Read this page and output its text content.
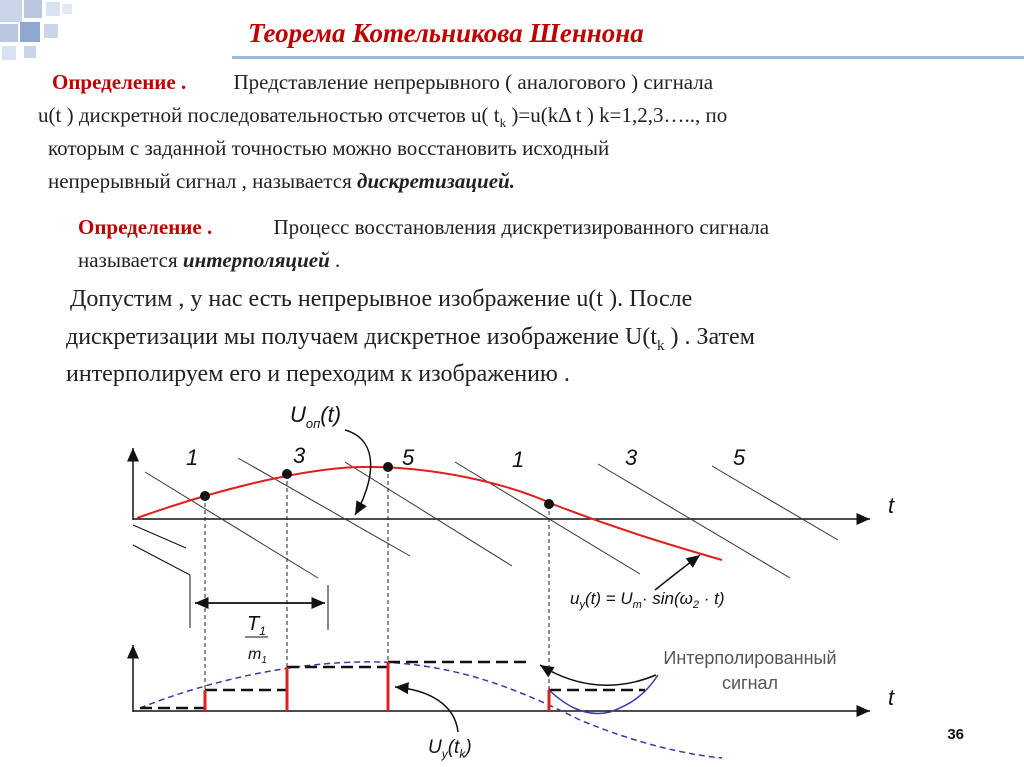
Теорема Котельникова Шеннона
Определение . Представление непрерывного ( аналогового ) сигнала
u(t ) дискретной последовательностью отсчетов u( $t_k$ )=u(kΔ t ) k=1,2,3….., по
которым с заданной точностью можно восстановить исходный
непрерывный сигнал , называется дискретизацией.
Определение .	Процесс восстановления дискретизированного сигнала
называется интерполяцией .
Допустим , у нас есть непрерывное изображение u(t ). После
дискретизации мы получаем дискретное изображение $U(t_k$ ) . Затем
интерполируем его и переходим к изображению .
t
1	3	5	1	3	5
$U_{оп}(t)$
$T_1$
$m_1$
$u_y(t) = U_m\cdot \sin(\omega_2 \cdot t)$
t
$U_y(t_k)$
Интерполированный
сигнал
36
